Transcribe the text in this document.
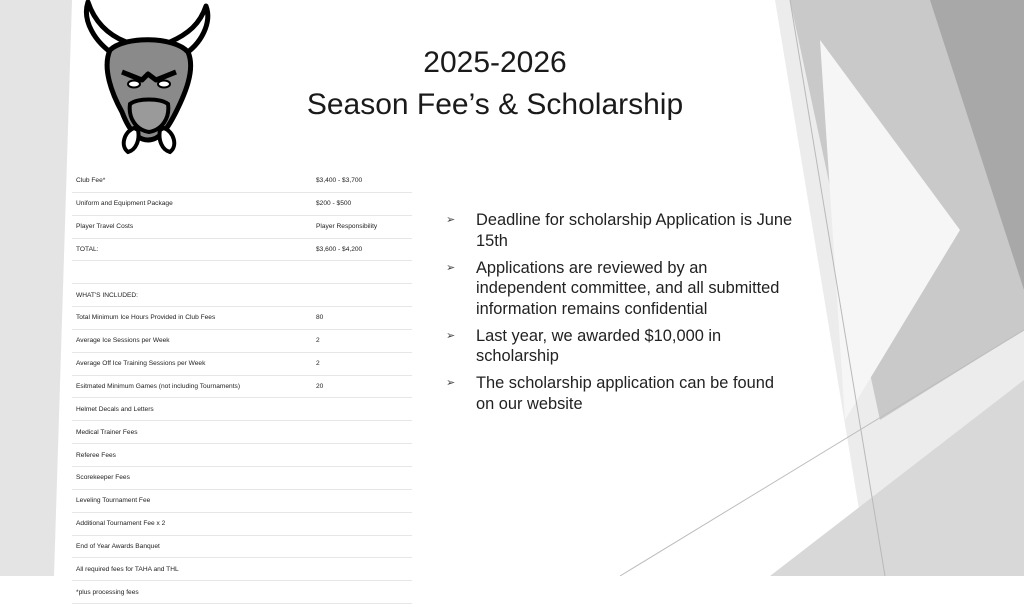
2025-2026
Season Fee’s & Scholarship
Club Fee*	$3,400 - $3,700
Uniform and Equipment Package	$200 - $500
Player Travel Costs	Player Responsibility
TOTAL:	$3,600 - $4,200

WHAT'S INCLUDED:	
Total Minimum Ice Hours Provided in Club Fees	80
Average Ice Sessions per Week	2
Average Off Ice Training Sessions per Week	2
Esitmated Minimum Games (not including Tournaments)	20
Helmet Decals and Letters	
Medical Trainer Fees	
Referee Fees	
Scorekeeper Fees	
Leveling Tournament Fee	
Additional Tournament Fee x 2	
End of Year Awards Banquet	
All required fees for TAHA and THL	
*plus processing fees	
➢ Deadline for scholarship Application is June 15th
➢ Applications are reviewed by an independent committee, and all submitted information remains confidential
➢ Last year, we awarded $10,000 in scholarship
➢ The scholarship application can be found on our website
